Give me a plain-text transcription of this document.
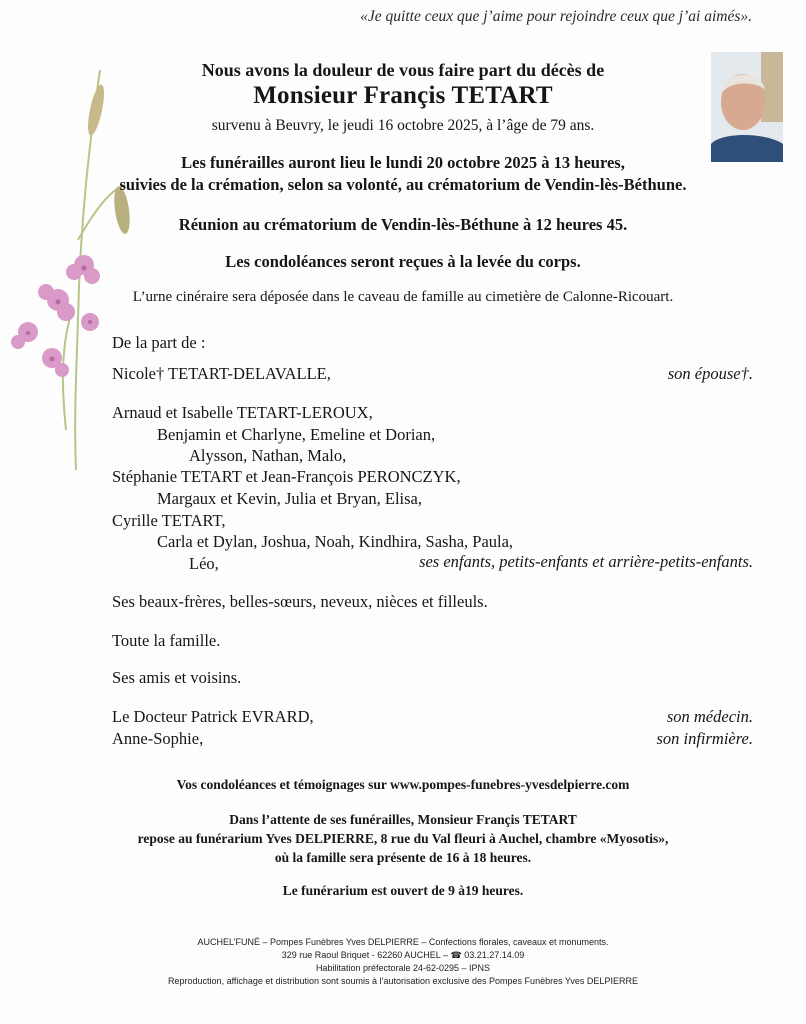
«Je quitte ceux que j’aime pour rejoindre ceux que j’ai aimés».
Nous avons la douleur de vous faire part du décès de
Monsieur Françis TETART
survenu à Beuvry, le jeudi 16 octobre 2025, à l’âge de 79 ans.
Les funérailles auront lieu le lundi 20 octobre 2025 à 13 heures,
suivies de la crémation, selon sa volonté, au crématorium de Vendin-lès-Béthune.
Réunion au crématorium de Vendin-lès-Béthune à 12 heures 45.
Les condoléances seront reçues à la levée du corps.
L’urne cinéraire sera déposée dans le caveau de famille au cimetière de Calonne-Ricouart.
De la part de :
Nicole† TETART-DELAVALLE,	son épouse†.
Arnaud et Isabelle TETART-LEROUX,
Benjamin et Charlyne, Emeline et Dorian,
Alysson, Nathan, Malo,
Stéphanie TETART et Jean-François PERONCZYK,
Margaux et Kevin, Julia et Bryan, Elisa,
Cyrille TETART,
Carla et Dylan, Joshua, Noah, Kindhira, Sasha, Paula,
Léo,	ses enfants, petits-enfants et arrière-petits-enfants.
Ses beaux-frères, belles-sœurs, neveux, nièces et filleuls.
Toute la famille.
Ses amis et voisins.
Le Docteur Patrick EVRARD,	son médecin.
Anne-Sophie,	son infirmière.
Vos condoléances et témoignages sur www.pompes-funebres-yvesdelpierre.com
Dans l’attente de ses funérailles, Monsieur Françis TETART
repose au funérarium Yves DELPIERRE, 8 rue du Val fleuri à Auchel, chambre «Myosotis»,
où la famille sera présente de 16 à 18 heures.
Le funérarium est ouvert de 9 à19 heures.
AUCHEL’FUNÉ – Pompes Funèbres Yves DELPIERRE – Confections florales, caveaux et monuments.
329 rue Raoul Briquet - 62260 AUCHEL – ☎ 03.21.27.14.09
Habilitation préfectorale 24-62-0295 – IPNS
Reproduction, affichage et distribution sont soumis à l’autorisation exclusive des Pompes Funèbres Yves DELPIERRE
